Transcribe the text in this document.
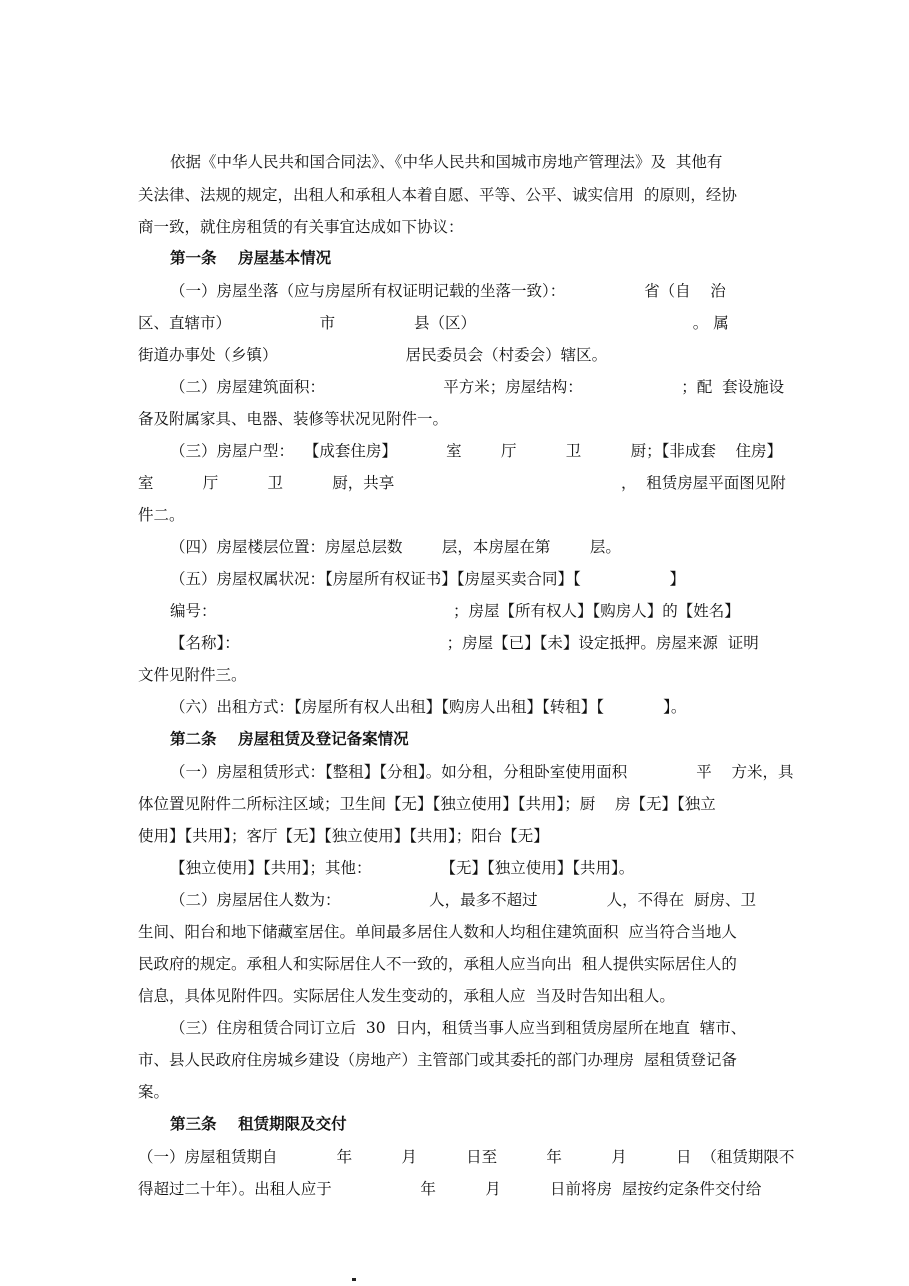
依据《中华人民共和国合同法》、《中华人民共和国城市房地产管理法》及  其他有
关法律、法规的规定，出租人和承租人本着自愿、平等、公平、诚实信用  的原则，经协
商一致，就住房租赁的有关事宜达成如下协议：
第一条    房屋基本情况
（一）房屋坐落（应与房屋所有权证明记载的坐落一致）：                省（自    治
区、直辖市）                  市                县（区）                                            。 属
街道办事处（乡镇）                          居民委员会（村委会）辖区。
（二）房屋建筑面积：                        平方米；房屋结构：                    ；配  套设施设
备及附属家具、电器、装修等状况见附件一。
（三）房屋户型：  【成套住房】          室        厅          卫          厨；【非成套    住房】
室          厅          卫          厨，共享                                              ，  租赁房屋平面图见附
件二。
（四）房屋楼层位置：房屋总层数        层，本房屋在第        层。
（五）房屋权属状况：【房屋所有权证书】【房屋买卖合同】【                  】
编号：                                                ；房屋【所有权人】【购房人】的【姓名】
【名称】：                                          ；房屋【已】【未】设定抵押。房屋来源  证明
文件见附件三。
（六）出租方式：【房屋所有权人出租】【购房人出租】【转租】【            】。
第二条    房屋租赁及登记备案情况
（一）房屋租赁形式：【整租】【分租】。如分租，分租卧室使用面积              平    方米，具
体位置见附件二所标注区域；卫生间【无】【独立使用】【共用】；厨    房【无】【独立
使用】【共用】；客厅【无】【独立使用】【共用】；阳台【无】
【独立使用】【共用】；其他：              【无】【独立使用】【共用】。
（二）房屋居住人数为：                  人，最多不超过              人，不得在  厨房、卫
生间、阳台和地下储藏室居住。单间最多居住人数和人均租住建筑面积  应当符合当地人
民政府的规定。承租人和实际居住人不一致的，承租人应当向出  租人提供实际居住人的
信息，具体见附件四。实际居住人发生变动的，承租人应  当及时告知出租人。
（三）住房租赁合同订立后  30  日内，租赁当事人应当到租赁房屋所在地直  辖市、
市、县人民政府住房城乡建设（房地产）主管部门或其委托的部门办理房  屋租赁登记备
案。
第三条    租赁期限及交付
（一）房屋租赁期自            年          月          日至          年          月          日  （租赁期限不
得超过二十年）。出租人应于                  年          月          日前将房  屋按约定条件交付给
